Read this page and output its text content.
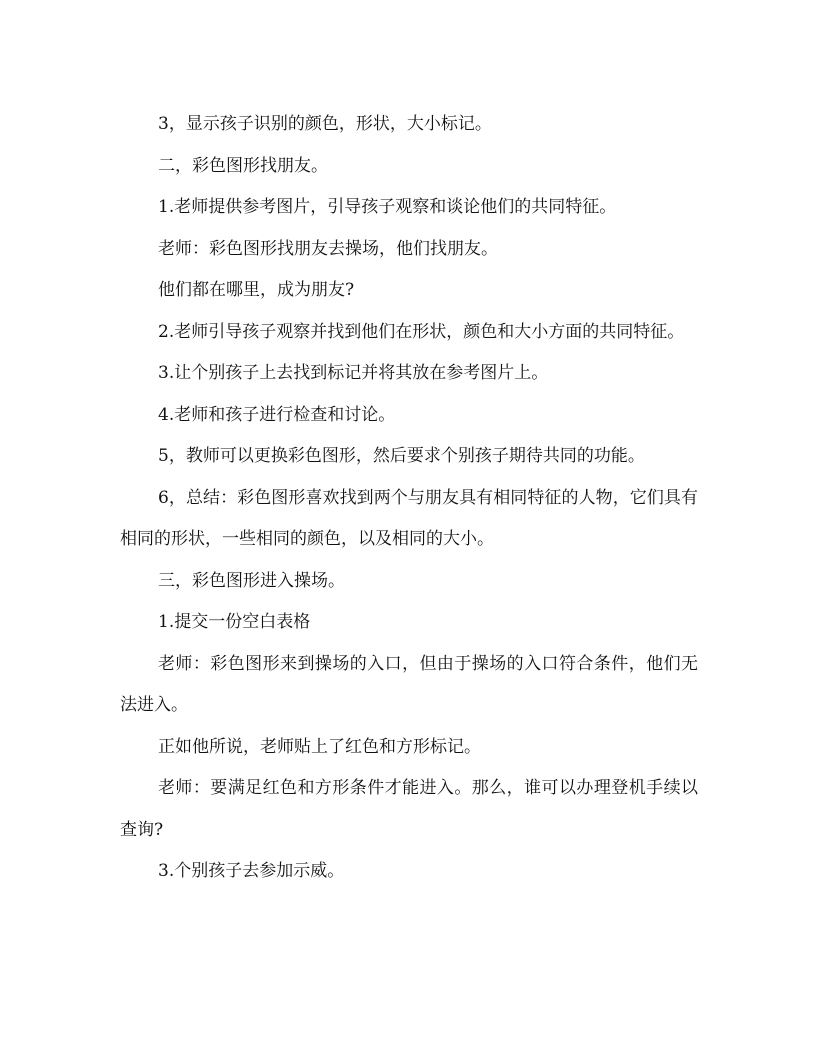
3，显示孩子识别的颜色，形状，大小标记。

二，彩色图形找朋友。

1.老师提供参考图片，引导孩子观察和谈论他们的共同特征。

老师：彩色图形找朋友去操场，他们找朋友。

他们都在哪里，成为朋友?

2.老师引导孩子观察并找到他们在形状，颜色和大小方面的共同特征。

3.让个别孩子上去找到标记并将其放在参考图片上。

4.老师和孩子进行检查和讨论。

5，教师可以更换彩色图形，然后要求个别孩子期待共同的功能。

6，总结：彩色图形喜欢找到两个与朋友具有相同特征的人物，它们具有相同的形状，一些相同的颜色，以及相同的大小。

三，彩色图形进入操场。

1.提交一份空白表格

老师：彩色图形来到操场的入口，但由于操场的入口符合条件，他们无法进入。

正如他所说，老师贴上了红色和方形标记。

老师：要满足红色和方形条件才能进入。那么，谁可以办理登机手续以查询?

3.个别孩子去参加示威。
